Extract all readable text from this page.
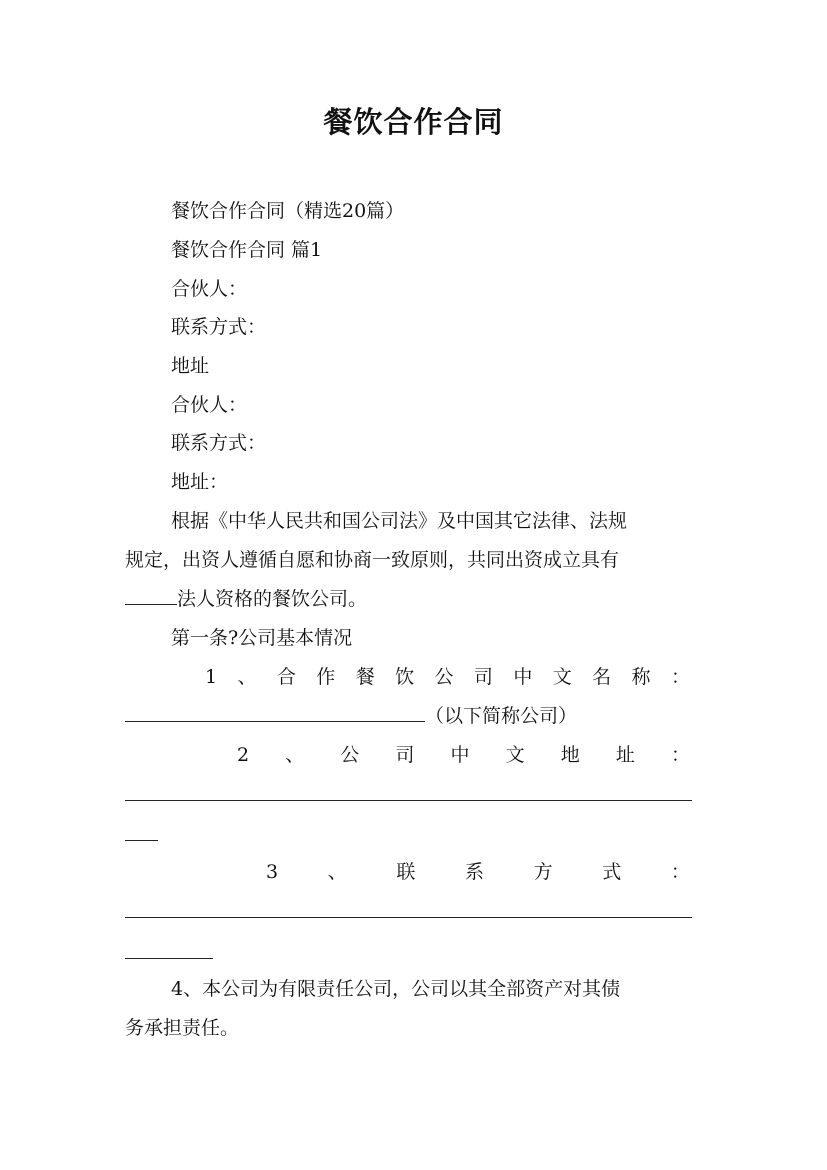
餐饮合作合同

餐饮合作合同（精选20篇）

餐饮合作合同 篇1

合伙人：

联系方式：

地址

合伙人：

联系方式：

地址：

根据《中华人民共和国公司法》及中国其它法律、法规

规定，出资人遵循自愿和协商一致原则，共同出资成立具有

法人资格的餐饮公司。

第一条?公司基本情况

1 、 合 作 餐 饮 公 司 中 文 名 称 ：

（以下简称公司）

2 、 公 司 中 文 地 址 ：
3	、	联	系	方	式	：

4、本公司为有限责任公司，公司以其全部资产对其债

务承担责任。
